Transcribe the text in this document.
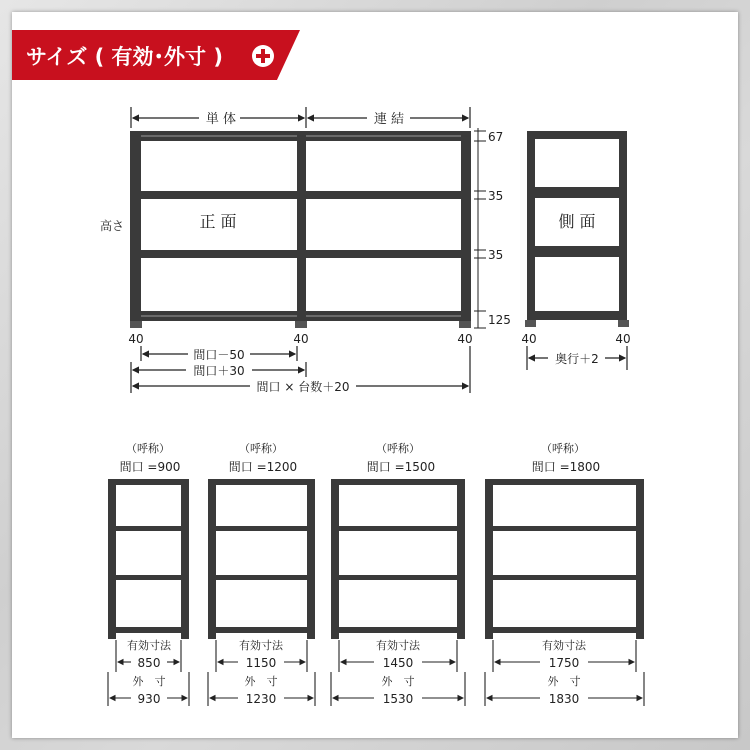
サイズ ( 有効･外寸 )
単 体	連 結
正 面
高さ
67
35
35
125
40	40	40
間口－50
間口＋30
間口 × 台数＋20
側 面
40	40
奥行＋2
（呼称）
間口 =900
有効寸法
850
外　寸
930
（呼称）
間口 =1200
有効寸法
1150
外　寸
1230
（呼称）
間口 =1500
有効寸法
1450
外　寸
1530
（呼称）
間口 =1800
有効寸法
1750
外　寸
1830
